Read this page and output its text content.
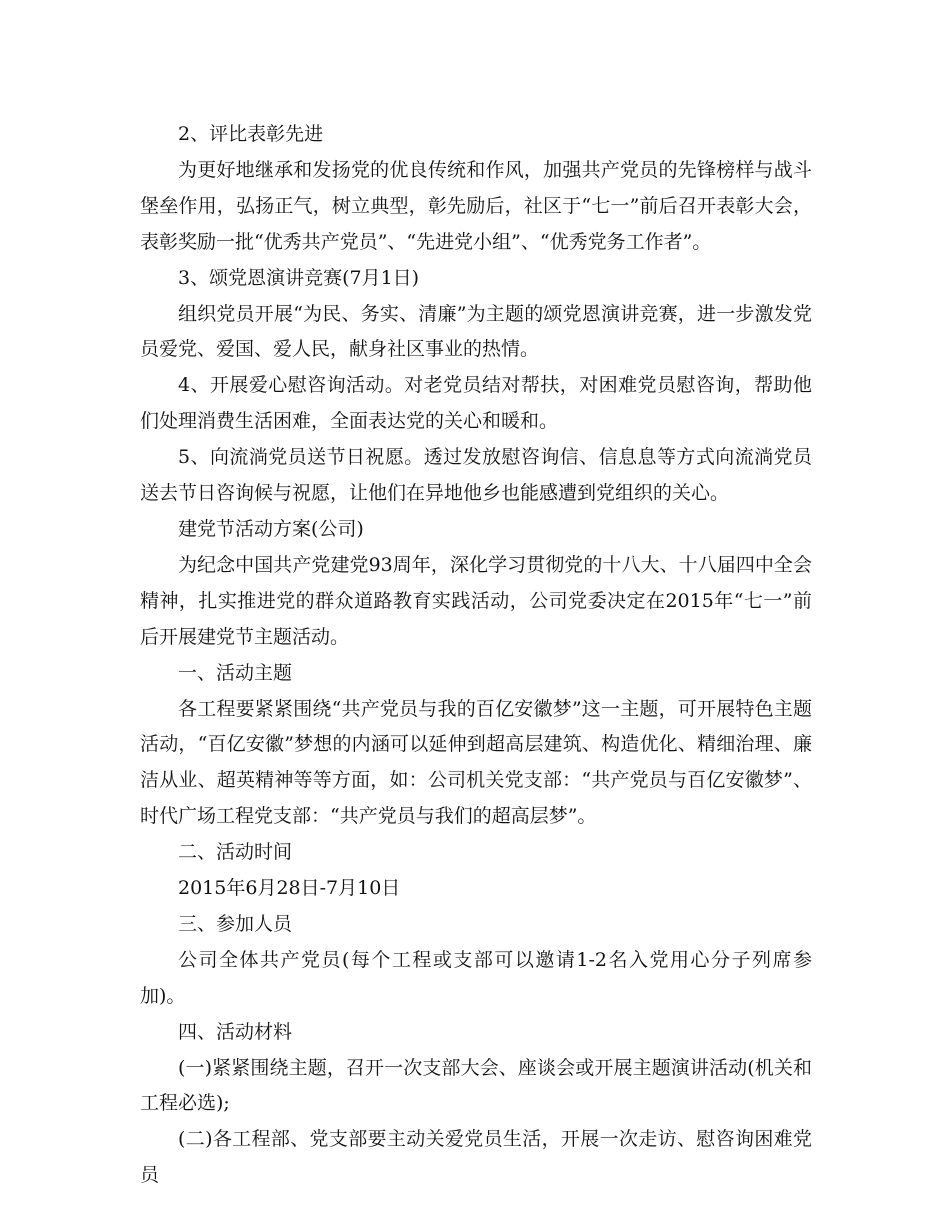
2、评比表彰先进

为更好地继承和发扬党的优良传统和作风，加强共产党员的先锋榜样与战斗堡垒作用，弘扬正气，树立典型，彰先励后，社区于“七一”前后召开表彰大会，表彰奖励一批“优秀共产党员”、“先进党小组”、“优秀党务工作者”。

3、颂党恩演讲竞赛(7月1日)

组织党员开展“为民、务实、清廉”为主题的颂党恩演讲竞赛，进一步激发党员爱党、爱国、爱人民，献身社区事业的热情。

4、开展爱心慰咨询活动。对老党员结对帮扶，对困难党员慰咨询，帮助他们处理消费生活困难，全面表达党的关心和暖和。

5、向流淌党员送节日祝愿。透过发放慰咨询信、信息息等方式向流淌党员送去节日咨询候与祝愿，让他们在异地他乡也能感遭到党组织的关心。

建党节活动方案(公司)

为纪念中国共产党建党93周年，深化学习贯彻党的十八大、十八届四中全会精神，扎实推进党的群众道路教育实践活动，公司党委决定在2015年“七一”前后开展建党节主题活动。

一、活动主题

各工程要紧紧围绕“共产党员与我的百亿安徽梦”这一主题，可开展特色主题活动，“百亿安徽”梦想的内涵可以延伸到超高层建筑、构造优化、精细治理、廉洁从业、超英精神等等方面，如：公司机关党支部：“共产党员与百亿安徽梦”、时代广场工程党支部：“共产党员与我们的超高层梦”。

二、活动时间

2015年6月28日-7月10日

三、参加人员

公司全体共产党员(每个工程或支部可以邀请1-2名入党用心分子列席参加)。

四、活动材料

(一)紧紧围绕主题，召开一次支部大会、座谈会或开展主题演讲活动(机关和工程必选);

(二)各工程部、党支部要主动关爱党员生活，开展一次走访、慰咨询困难党员
